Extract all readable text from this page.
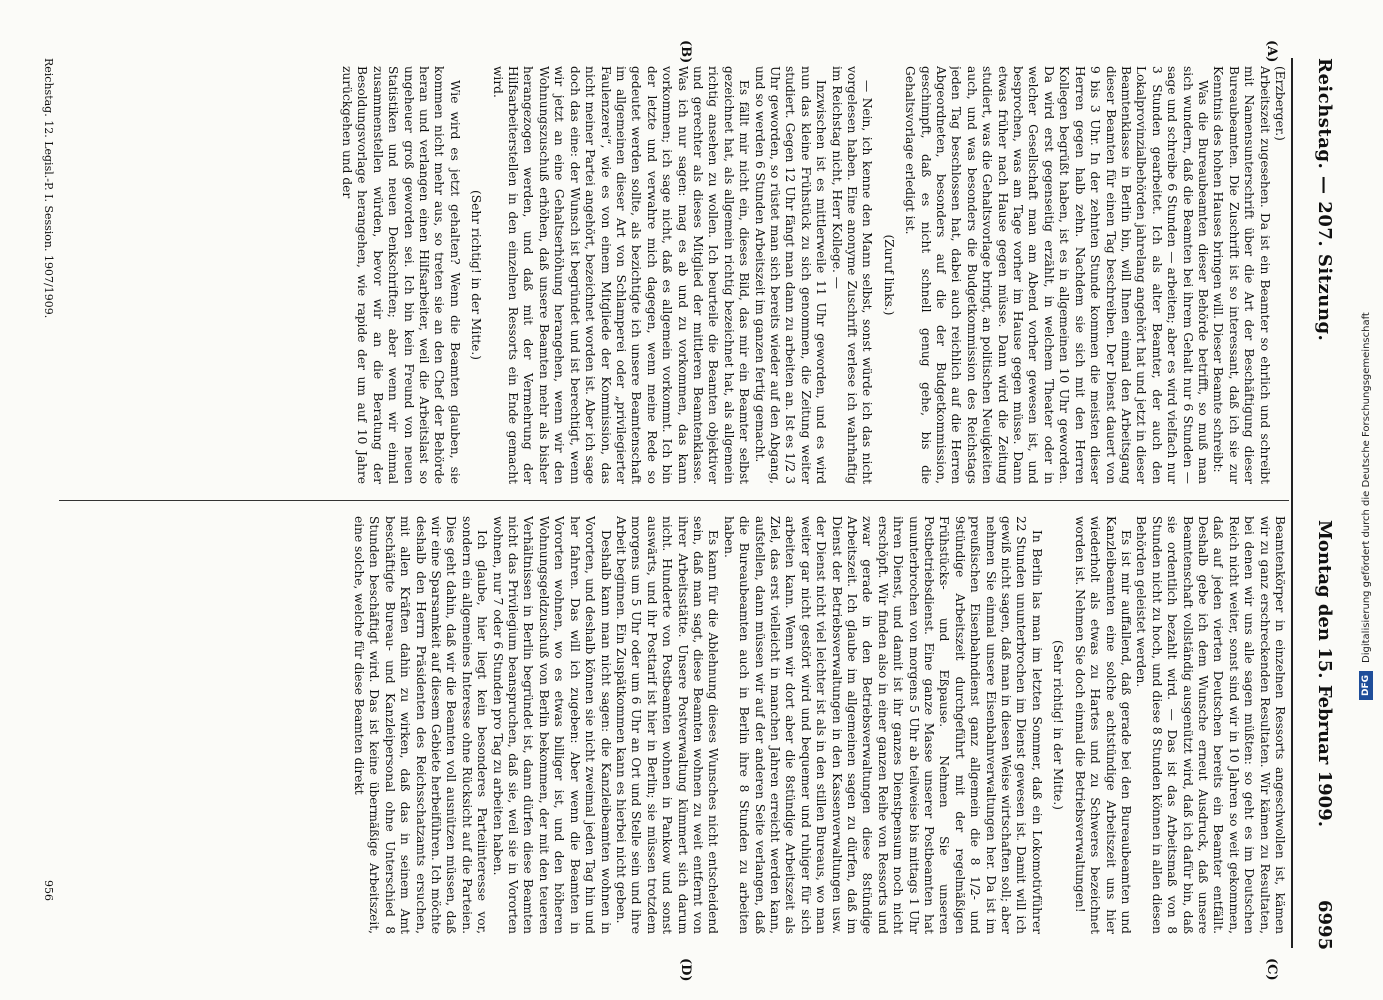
Reichstag. — 207. Sitzung.
Montag den 15. Februar 1909.
6995
(A)
(B)
(C)
(D)

(Erzberger.)

Arbeitszeit zugesehen. Da ist ein Beamter so ehrlich und schreibt mit Namensunterschrift über die Art der Beschäftigung dieser Bureaubeamten. Die Zuschrift ist so interessant, daß ich sie zur Kenntnis des hohen Hauses bringen will. Dieser Beamte schreibt:

Was die Bureaubeamten dieser Behörde betrifft, so muß man sich wundern, daß die Beamten bei ihrem Gehalt nur 6 Stunden — sage und schreibe 6 Stunden — arbeiten; aber es wird vielfach nur 3 Stunden gearbeitet. Ich als alter Beamter, der auch den Lokalprovinzialbehörden jahrelang angehört hat und jetzt in dieser Beamtenklasse in Berlin bin, will Ihnen einmal den Arbeitsgang dieser Beamten für einen Tag beschreiben. Der Dienst dauert von 9 bis 3 Uhr. In der zehnten Stunde kommen die meisten dieser Herren gegen halb zehn. Nachdem sie sich mit den Herren Kollegen begrüßt haben, ist es in allgemeinen 10 Uhr geworden. Da wird erst gegenseitig erzählt, in welchem Theater oder in welcher Gesellschaft man am Abend vorher gewesen ist, und besprochen, was am Tage vorher im Hause gegen müsse. Dann etwas früher nach Hause gegen müsse. Dann wird die Zeitung studiert, was die Gehaltsvorlage bringt, an politischen Neuigkeiten auch, und was besonders die Budgetkommission des Reichstags jeden Tag beschlossen hat, dabei auch reichlich auf die Herren Abgeordneten, besonders auf die der Budgetkommission, geschimpft, daß es nicht schnell genug gehe, bis die Gehaltsvorlage erledigt ist.

(Zuruf links.)

— Nein, ich kenne den Mann selbst, sonst würde ich das nicht vorgelesen haben. Eine anonyme Zuschrift verlese ich wahrhaftig im Reichstag nicht, Herr Kollege. —

Inzwischen ist es mittlerweile 11 Uhr geworden, und es wird nun das kleine Frühstück zu sich genommen, die Zeitung weiter studiert. Gegen 12 Uhr fängt man dann zu arbeiten an. Ist es 1/2 3 Uhr geworden, so rüstet man sich bereits wieder auf den Abgang, und so werden 6 Stunden Arbeitszeit im ganzen fertig gemacht.

Es fällt mir nicht ein, dieses Bild, das mir ein Beamter selbst gezeichnet hat, als allgemein richtig bezeichnet hat, als allgemein richtig ansehen zu wollen. Ich beurteile die Beamten objektiver und gerechter als dieses Mitglied der mittleren Beamtenklasse. Was ich nur sagen: mag es ab und zu vorkommen, das kann vorkommen; ich sage nicht, daß es allgemein vorkommt. Ich bin der letzte und verwahre mich dagegen, wenn meine Rede so gedeutet werden sollte, als bezichtigte ich unsere Beamtenschaft im allgemeinen dieser Art von Schlamperei oder „privilegierter Faulenzerei“, wie es von einem Mitgliede der Kommission, das nicht meiner Partei angehört, bezeichnet worden ist. Aber ich sage doch das eine: der Wunsch ist begründet und ist berechtigt, wenn wir jetzt an eine Gehaltserhöhung herangehen, wenn wir den Wohnungszuschuß erhöhen, daß unsere Beamten mehr als bisher herangezogen werden, und daß mit der Vermehrung der Hilfsarbeiterstellen in den einzelnen Ressorts ein Ende gemacht wird.

(Sehr richtig! in der Mitte.)

Wie wird es jetzt gehalten? Wenn die Beamten glauben, sie kommen nicht mehr aus, so treten sie an den Chef der Behörde heran und verlangen einen Hilfsarbeiter, weil die Arbeitslast so ungeheuer groß geworden sei. Ich bin kein Freund von neuen Statistiken und neuen Denkschriften; aber wenn wir einmal zusammenstellen würden, bevor wir an die Beratung der Besoldungsvorlage herangehen, wie rapide der um auf 10 Jahre zurückgehen und der

Beamtenkörper in einzelnen Ressorts angeschwollen ist, kämen wir zu ganz erschreckenden Resultaten. Wir kämen zu Resultaten, bei denen wir uns alle sagen müßten: so geht es im Deutschen Reich nicht weiter, sonst sind wir in 10 Jahren so weit gekommen, daß auf jeden vierten Deutschen bereits ein Beamter entfällt. Deshalb gebe ich dem Wunsche erneut Ausdruck, daß unsere Beamtenschaft vollständig ausgenützt wird, daß ich dafür bin, daß sie ordentlich bezahlt wird. — Das ist das Arbeitsmaß von 8 Stunden nicht zu hoch, und diese 8 Stunden können in allen diesen Behörden geleistet werden.

Es ist mir auffallend, daß gerade bei den Bureaubeamten und Kanzleibeamten eine solche achtstündige Arbeitszeit uns hier wiederholt als etwas zu Hartes und zu Schweres bezeichnet worden ist. Nehmen Sie doch einmal die Betriebsverwaltungen!

(Sehr richtig! in der Mitte.)

In Berlin las man im letzten Sommer, daß ein Lokomotivführer 22 Stunden ununterbrochen im Dienst gewesen ist. Damit will ich gewiß nicht sagen, daß man in diesen Weise wirtschaften soll; aber nehmen Sie einmal unsere Eisenbahnverwaltungen her. Da ist im preußischen Eisenbahndienst ganz allgemein die 8 1/2- und 9stündige Arbeitszeit durchgeführt mit der regelmäßigen Frühstücks- und Eßpause. Nehmen Sie unseren Postbetriebsdienst. Eine ganze Masse unserer Postbeamten hat ununterbrochen von morgens 5 Uhr ab teilweise bis mittags 1 Uhr ihren Dienst, und damit ist ihr ganzes Dienstpensum noch nicht erschöpft. Wir finden also in einer ganzen Reihe von Ressorts und zwar gerade in den Betriebsverwaltungen diese 8stündige Arbeitszeit. Ich glaube im allgemeinen sagen zu dürfen, daß im Dienst der Betriebsverwaltungen in den Kassenverwaltungen usw. der Dienst nicht viel leichter ist als in den stillen Bureaus, wo man weiter gar nicht gestört wird und bequemer und ruhiger für sich arbeiten kann. Wenn wir dort aber die 8stündige Arbeitszeit als Ziel, das erst vielleicht in manchen Jahren erreicht werden kann, aufstellen, dann müssen wir auf der anderen Seite verlangen, daß die Bureaubeamten auch in Berlin ihre 8 Stunden zu arbeiten haben.

Es kann für die Ablehnung dieses Wunsches nicht entscheidend sein, daß man sagt, diese Beamten wohnen zu weit entfernt von ihrer Arbeitsstätte. Unsere Postverwaltung kümmert sich darum nicht. Hunderte von Postbeamten wohnen in Pankow und sonst auswärts, und ihr Posttarif ist hier in Berlin; sie müssen trotzdem morgens um 5 Uhr oder um 6 Uhr an Ort und Stelle sein und ihre Arbeit beginnen. Ein Zuspätkommen kann es hierbei nicht geben.

Deshalb kann man nicht sagen: die Kanzleibeamten wohnen in Vororten, und deshalb können sie nicht zweimal jeden Tag hin und her fahren. Das will ich zugeben: Aber wenn die Beamten in Vororten wohnen, wo es etwas billiger ist, und den höheren Wohnungsgeldzuschuß von Berlin bekommen, der mit den teueren Verhältnissen in Berlin begründet ist, dann dürfen diese Beamten nicht das Privilegium beanspruchen, daß sie, weil sie in Vororten wohnen, nur 7 oder 6 Stunden pro Tag zu arbeiten haben.

Ich glaube, hier liegt kein besonderes Parteiinteresse vor, sondern ein allgemeines Interesse ohne Rücksicht auf die Parteien. Dies geht dahin, daß wir die Beamten voll ausnützen müssen, daß wir eine Sparsamkeit auf diesem Gebiete herbeiführen. Ich möchte deshalb den Herrn Präsidenten des Reichsschatzamts ersuchen, mit allen Kräften dahin zu wirken, daß das in seinem Amt beschäftigte Bureau- und Kanzleipersonal ohne Unterschied 8 Stunden beschäftigt wird. Das ist keine übermäßige Arbeitszeit, eine solche, welche für diese Beamten direkt

Reichstag. 12. Legisl.-P. I. Session. 1907/1909.
956
DFG
Digitalisierung gefördert durch die Deutsche Forschungsgemeinschaft
